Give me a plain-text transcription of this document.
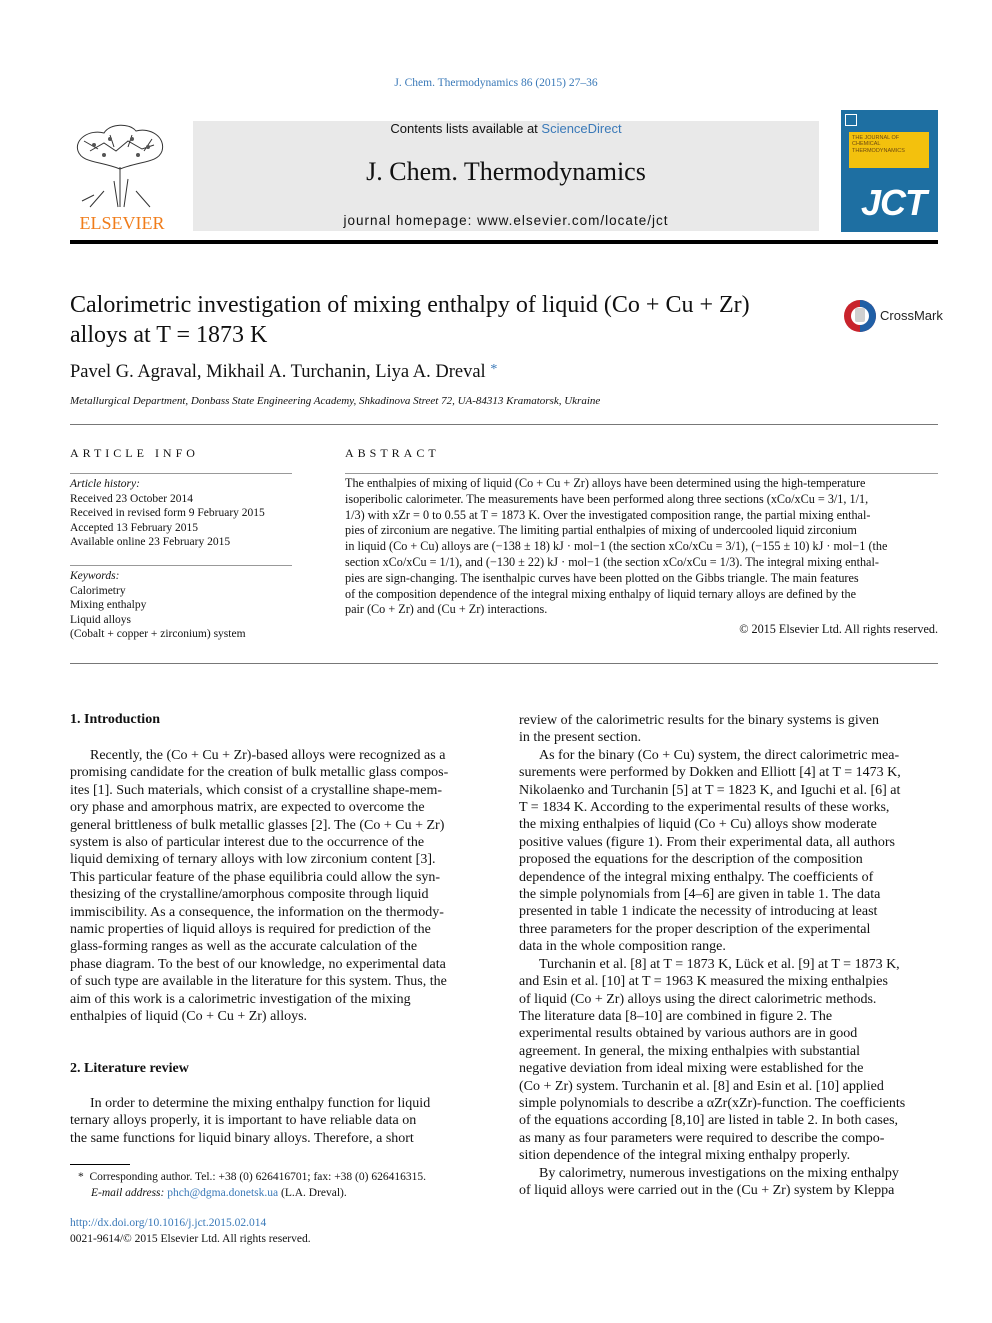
J. Chem. Thermodynamics 86 (2015) 27–36
ELSEVIER
Contents lists available at ScienceDirect
J. Chem. Thermodynamics
journal homepage: www.elsevier.com/locate/jct
THE JOURNAL OF CHEMICAL THERMODYNAMICS
JCT
Calorimetric investigation of mixing enthalpy of liquid (Co + Cu + Zr)
alloys at T = 1873 K
CrossMark
Pavel G. Agraval, Mikhail A. Turchanin, Liya A. Dreval *
Metallurgical Department, Donbass State Engineering Academy, Shkadinova Street 72, UA-84313 Kramatorsk, Ukraine
ARTICLE INFO
Article history:
Received 23 October 2014
Received in revised form 9 February 2015
Accepted 13 February 2015
Available online 23 February 2015
Keywords:
Calorimetry
Mixing enthalpy
Liquid alloys
(Cobalt + copper + zirconium) system
ABSTRACT
The enthalpies of mixing of liquid (Co + Cu + Zr) alloys have been determined using the high-temperature
isoperibolic calorimeter. The measurements have been performed along three sections (xCo/xCu = 3/1, 1/1,
1/3) with xZr = 0 to 0.55 at T = 1873 K. Over the investigated composition range, the partial mixing enthal-
pies of zirconium are negative. The limiting partial enthalpies of mixing of undercooled liquid zirconium
in liquid (Co + Cu) alloys are (−138 ± 18) kJ · mol−1 (the section xCo/xCu = 3/1), (−155 ± 10) kJ · mol−1 (the
section xCo/xCu = 1/1), and (−130 ± 22) kJ · mol−1 (the section xCo/xCu = 1/3). The integral mixing enthal-
pies are sign-changing. The isenthalpic curves have been plotted on the Gibbs triangle. The main features
of the composition dependence of the integral mixing enthalpy of liquid ternary alloys are defined by the
pair (Co + Zr) and (Cu + Zr) interactions.
© 2015 Elsevier Ltd. All rights reserved.
1. Introduction
Recently, the (Co + Cu + Zr)-based alloys were recognized as a
promising candidate for the creation of bulk metallic glass compos-
ites [1]. Such materials, which consist of a crystalline shape-mem-
ory phase and amorphous matrix, are expected to overcome the
general brittleness of bulk metallic glasses [2]. The (Co + Cu + Zr)
system is also of particular interest due to the occurrence of the
liquid demixing of ternary alloys with low zirconium content [3].
This particular feature of the phase equilibria could allow the syn-
thesizing of the crystalline/amorphous composite through liquid
immiscibility. As a consequence, the information on the thermody-
namic properties of liquid alloys is required for prediction of the
glass-forming ranges as well as the accurate calculation of the
phase diagram. To the best of our knowledge, no experimental data
of such type are available in the literature for this system. Thus, the
aim of this work is a calorimetric investigation of the mixing
enthalpies of liquid (Co + Cu + Zr) alloys.
2. Literature review
In order to determine the mixing enthalpy function for liquid
ternary alloys properly, it is important to have reliable data on
the same functions for liquid binary alloys. Therefore, a short
* Corresponding author. Tel.: +38 (0) 626416701; fax: +38 (0) 626416315.
E-mail address: phch@dgma.donetsk.ua (L.A. Dreval).
http://dx.doi.org/10.1016/j.jct.2015.02.014
0021-9614/© 2015 Elsevier Ltd. All rights reserved.
review of the calorimetric results for the binary systems is given
in the present section.
As for the binary (Co + Cu) system, the direct calorimetric mea-
surements were performed by Dokken and Elliott [4] at T = 1473 K,
Nikolaenko and Turchanin [5] at T = 1823 K, and Iguchi et al. [6] at
T = 1834 K. According to the experimental results of these works,
the mixing enthalpies of liquid (Co + Cu) alloys show moderate
positive values (figure 1). From their experimental data, all authors
proposed the equations for the description of the composition
dependence of the integral mixing enthalpy. The coefficients of
the simple polynomials from [4–6] are given in table 1. The data
presented in table 1 indicate the necessity of introducing at least
three parameters for the proper description of the experimental
data in the whole composition range.
Turchanin et al. [8] at T = 1873 K, Lück et al. [9] at T = 1873 K,
and Esin et al. [10] at T = 1963 K measured the mixing enthalpies
of liquid (Co + Zr) alloys using the direct calorimetric methods.
The literature data [8–10] are combined in figure 2. The
experimental results obtained by various authors are in good
agreement. In general, the mixing enthalpies with substantial
negative deviation from ideal mixing were established for the
(Co + Zr) system. Turchanin et al. [8] and Esin et al. [10] applied
simple polynomials to describe a αZr(xZr)-function. The coefficients
of the equations according [8,10] are listed in table 2. In both cases,
as many as four parameters were required to describe the compo-
sition dependence of the integral mixing enthalpy properly.
By calorimetry, numerous investigations on the mixing enthalpy
of liquid alloys were carried out in the (Cu + Zr) system by Kleppa
